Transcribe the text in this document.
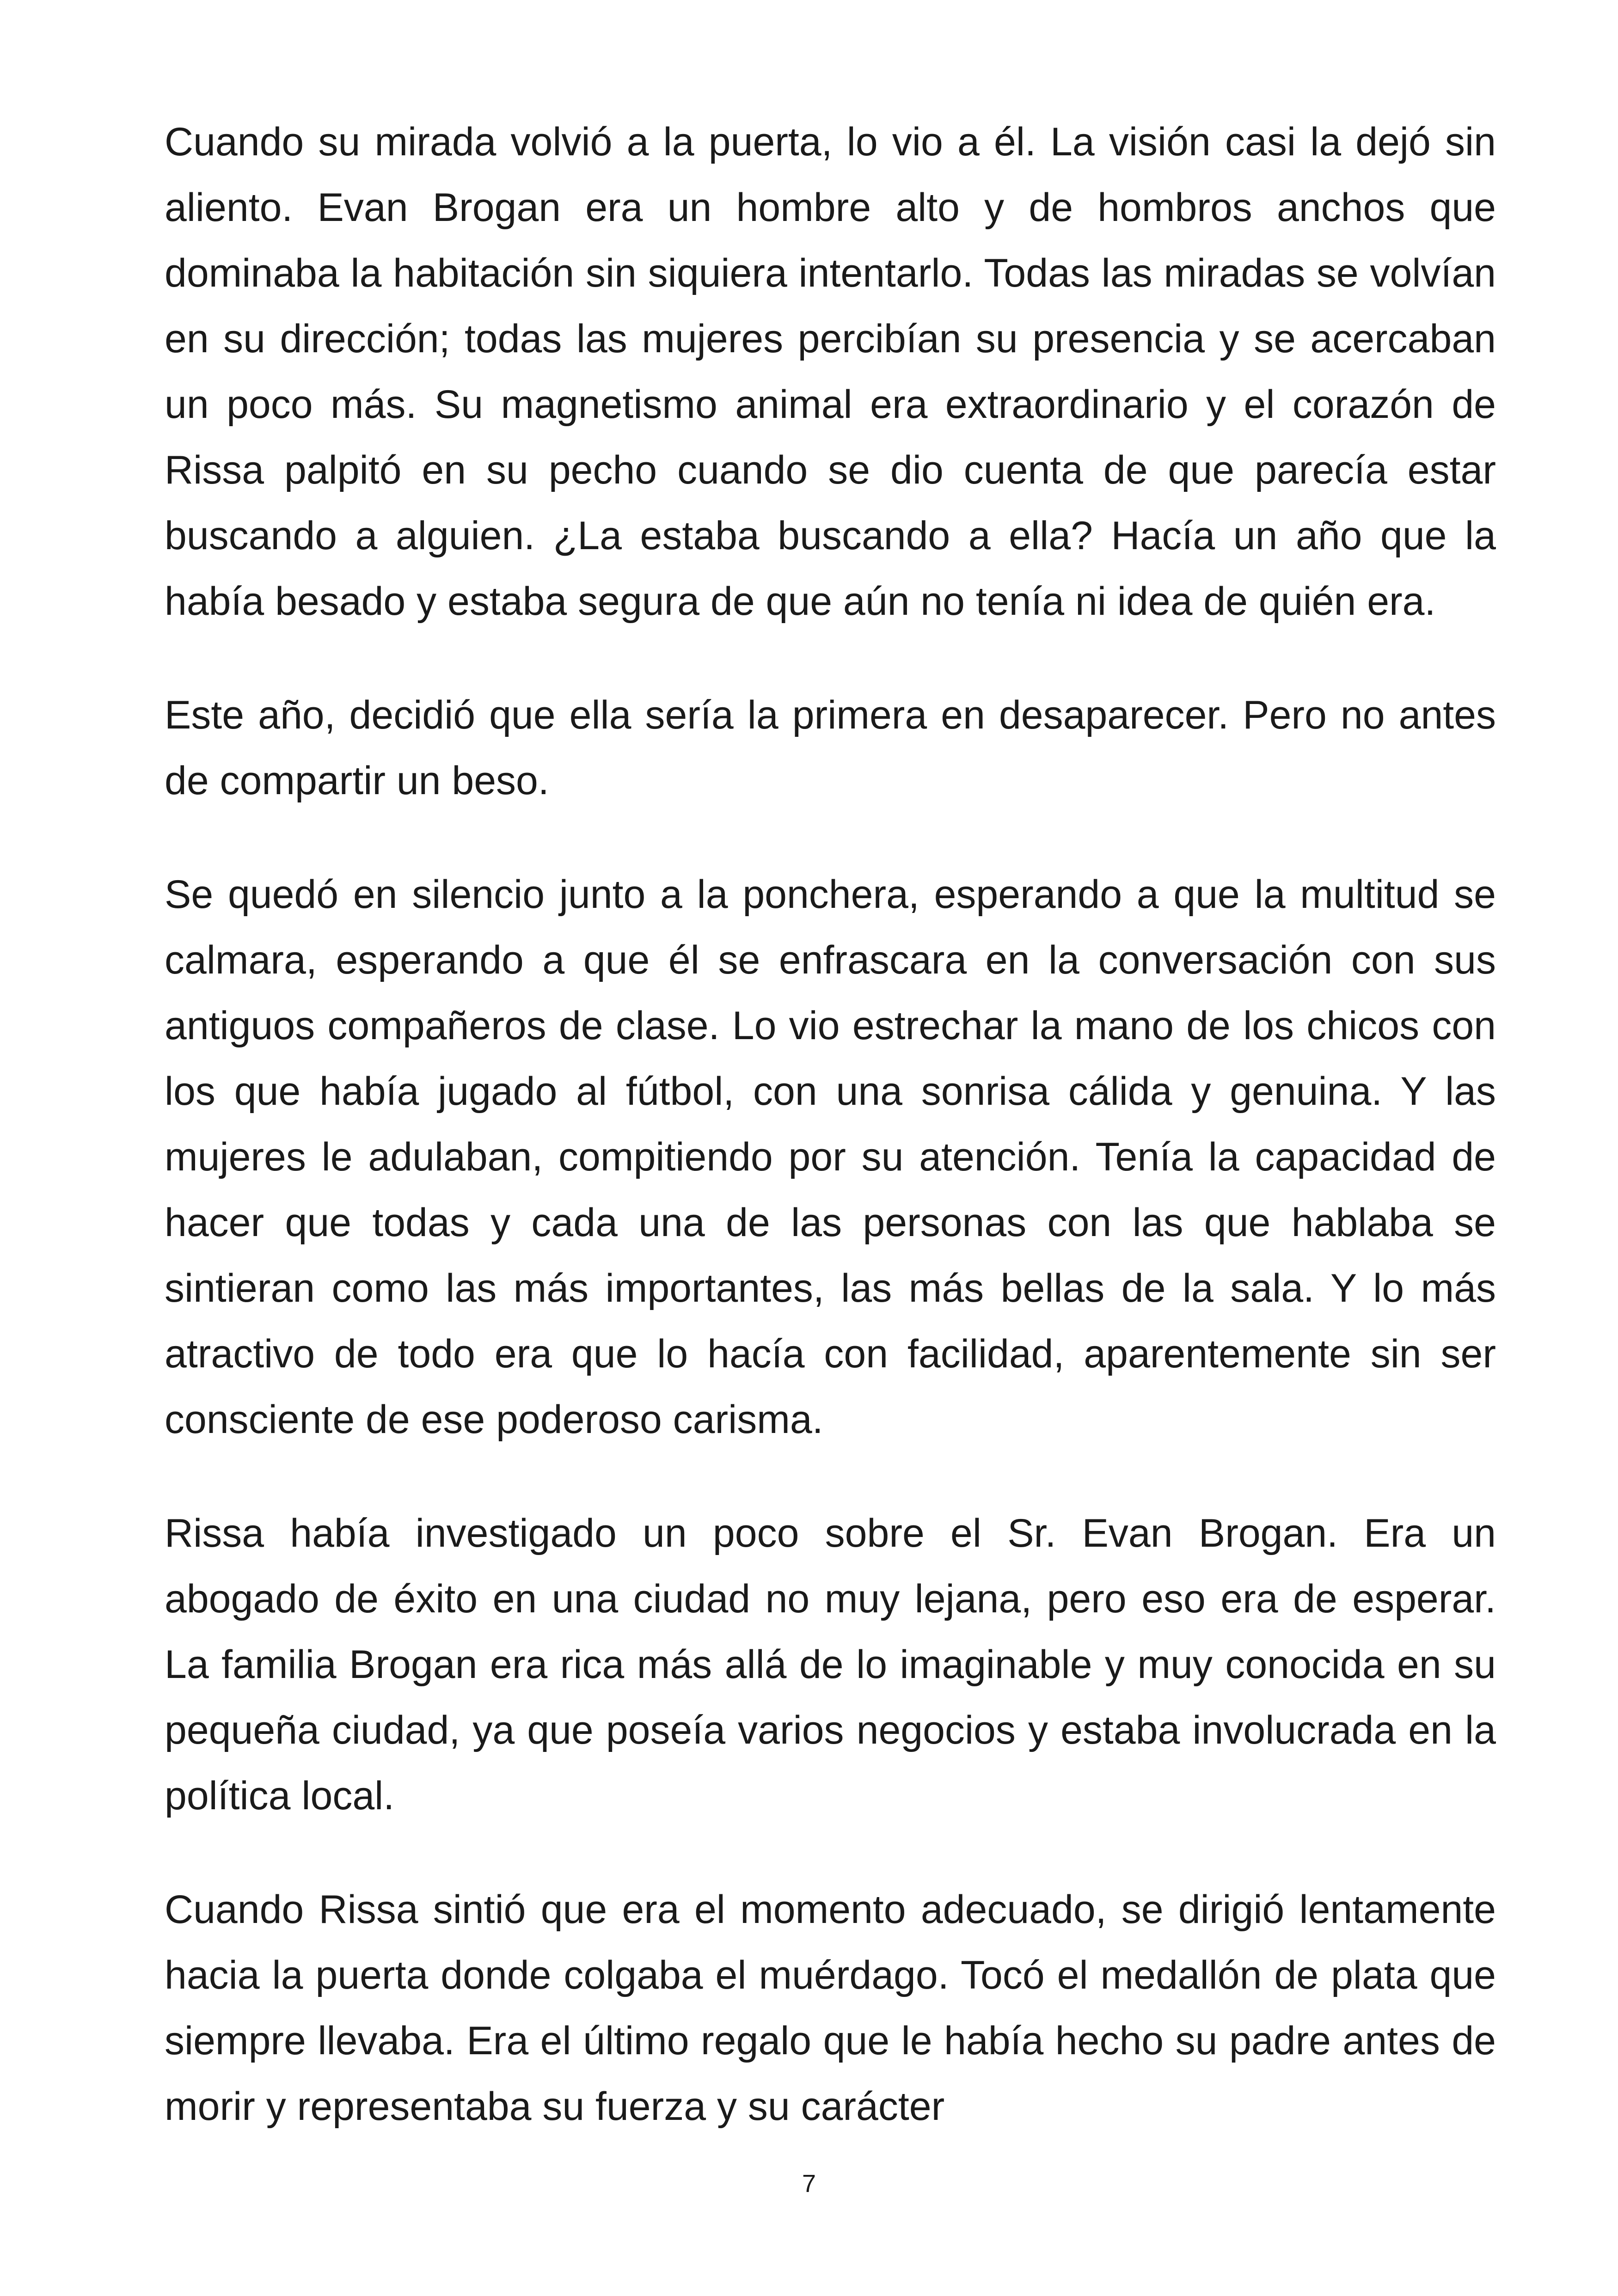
Cuando su mirada volvió a la puerta, lo vio a él. La visión casi la dejó sin aliento. Evan Brogan era un hombre alto y de hombros anchos que dominaba la habitación sin siquiera intentarlo. Todas las miradas se volvían en su dirección; todas las mujeres percibían su presencia y se acercaban un poco más. Su magnetismo animal era extraordinario y el corazón de Rissa palpitó en su pecho cuando se dio cuenta de que parecía estar buscando a alguien. ¿La estaba buscando a ella? Hacía un año que la había besado y estaba segura de que aún no tenía ni idea de quién era.

Este año, decidió que ella sería la primera en desaparecer. Pero no antes de compartir un beso.

Se quedó en silencio junto a la ponchera, esperando a que la multitud se calmara, esperando a que él se enfrascara en la conversación con sus antiguos compañeros de clase. Lo vio estrechar la mano de los chicos con los que había jugado al fútbol, con una sonrisa cálida y genuina. Y las mujeres le adulaban, compitiendo por su atención. Tenía la capacidad de hacer que todas y cada una de las personas con las que hablaba se sintieran como las más importantes, las más bellas de la sala. Y lo más atractivo de todo era que lo hacía con facilidad, aparentemente sin ser consciente de ese poderoso carisma.

Rissa había investigado un poco sobre el Sr. Evan Brogan. Era un abogado de éxito en una ciudad no muy lejana, pero eso era de esperar. La familia Brogan era rica más allá de lo imaginable y muy conocida en su pequeña ciudad, ya que poseía varios negocios y estaba involucrada en la política local.

Cuando Rissa sintió que era el momento adecuado, se dirigió lentamente hacia la puerta donde colgaba el muérdago. Tocó el medallón de plata que siempre llevaba. Era el último regalo que le había hecho su padre antes de morir y representaba su fuerza y su carácter

7
